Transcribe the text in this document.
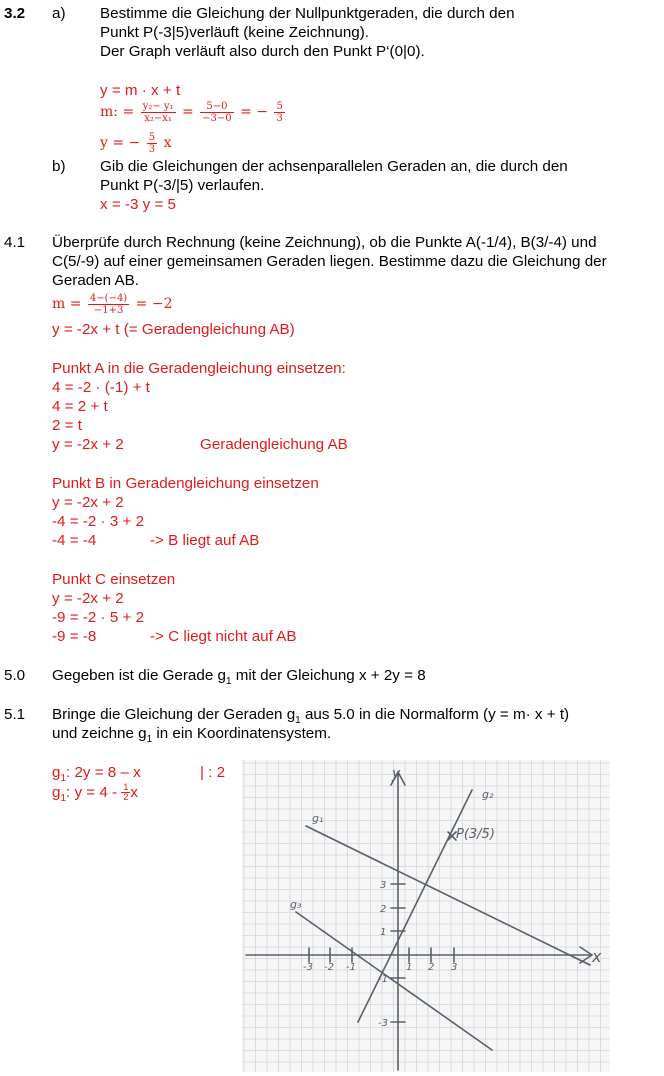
3.2 a) Bestimme die Gleichung der Nullpunktgeraden, die durch den
Punkt P(-3|5)verläuft (keine Zeichnung).
Der Graph verläuft also durch den Punkt P‘(0|0).
y = m · x + t
m: = $\frac{\text{y₂− y₁}}{\text{x₂−x₁}} = \frac{5-0}{-3-0}$ = − $\frac{5}{3}$
y = − $\frac{5}{3}$ x
b) Gib die Gleichungen der achsenparallelen Geraden an, die durch den
Punkt P(-3/|5) verlaufen.
x = -3 y = 5
4.1 Überprüfe durch Rechnung (keine Zeichnung), ob die Punkte A(-1/4), B(3/-4) und
C(5/-9) auf einer gemeinsamen Geraden liegen. Bestimme dazu die Gleichung der
Geraden AB.
$m = \frac{4-(-4)}{-1+3} = -2$
y = -2x + t (= Geradengleichung AB)
Punkt A in die Geradengleichung einsetzen:
4 = -2 · (-1) + t
4 = 2 + t
2 = t
y = -2x + 2	Geradengleichung AB
Punkt B in Geradengleichung einsetzen
y = -2x + 2
-4 = -2 · 3 + 2
-4 = -4	-> B liegt auf AB
Punkt C einsetzen
y = -2x + 2
-9 = -2 · 5 + 2
-9 = -8	-> C liegt nicht auf AB
5.0 Gegeben ist die Gerade $g_1$ mit der Gleichung x + 2y = 8
5.1 Bringe die Gleichung der Geraden $g_1$ aus 5.0 in die Normalform (y = m· x + t)
und zeichne $g_1$ in ein Koordinatensystem.
$g_1$: 2y = 8 – x	| : 2
$g_1$: $y = 4 - \frac{1}{2}$ x
g₁
g₂
g₃
P(3/5)
x
y
-3 -2 -1	1 2 3
3
2
1
-1
-3
